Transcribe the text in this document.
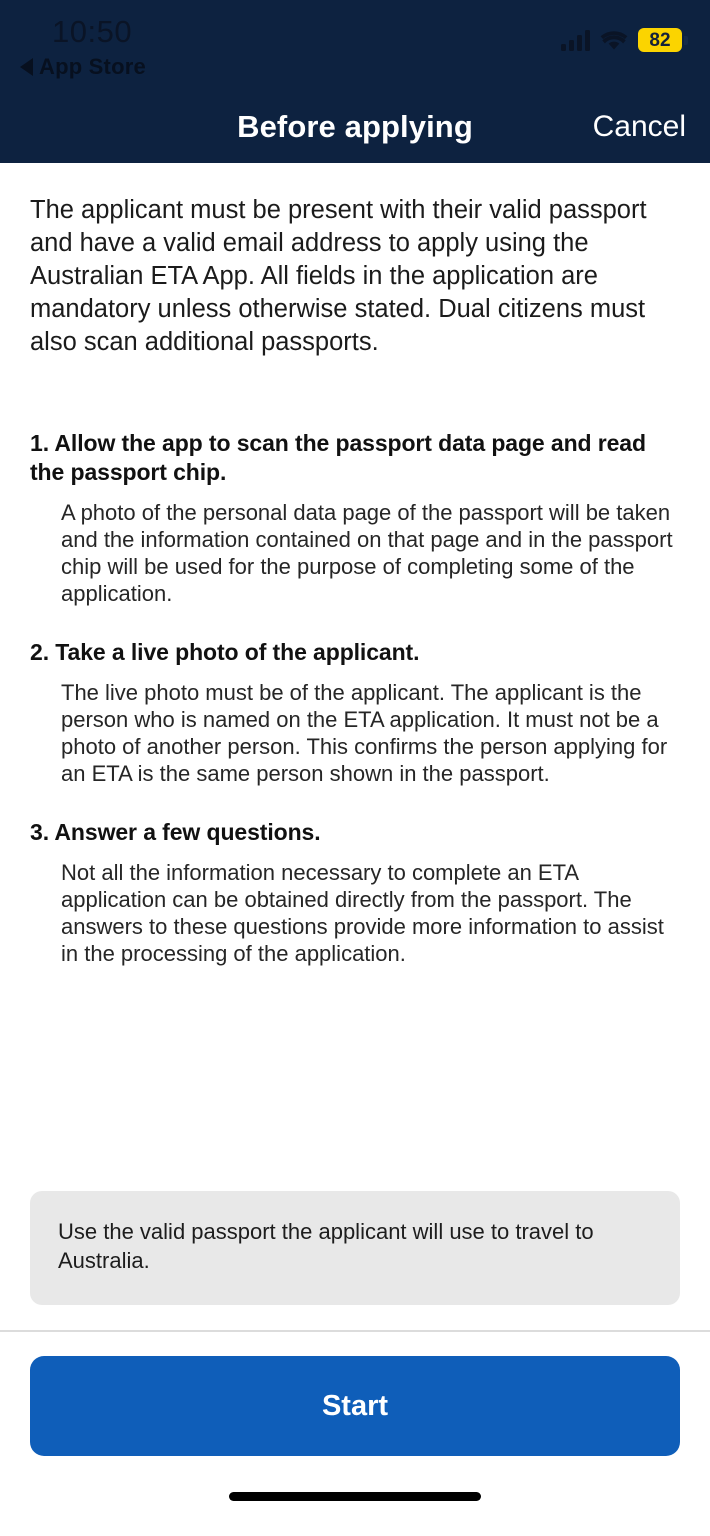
10:50
App Store
82
Before applying	Cancel

The applicant must be present with their valid passport and have a valid email address to apply using the Australian ETA App. All fields in the application are mandatory unless otherwise stated. Dual citizens must also scan additional passports.

1. Allow the app to scan the passport data page and read the passport chip.
A photo of the personal data page of the passport will be taken and the information contained on that page and in the passport chip will be used for the purpose of completing some of the application.
2. Take a live photo of the applicant.
The live photo must be of the applicant. The applicant is the person who is named on the ETA application. It must not be a photo of another person. This confirms the person applying for an ETA is the same person shown in the passport.
3. Answer a few questions.
Not all the information necessary to complete an ETA application can be obtained directly from the passport. The answers to these questions provide more information to assist in the processing of the application.
Use the valid passport the applicant will use to travel to Australia.
Start
